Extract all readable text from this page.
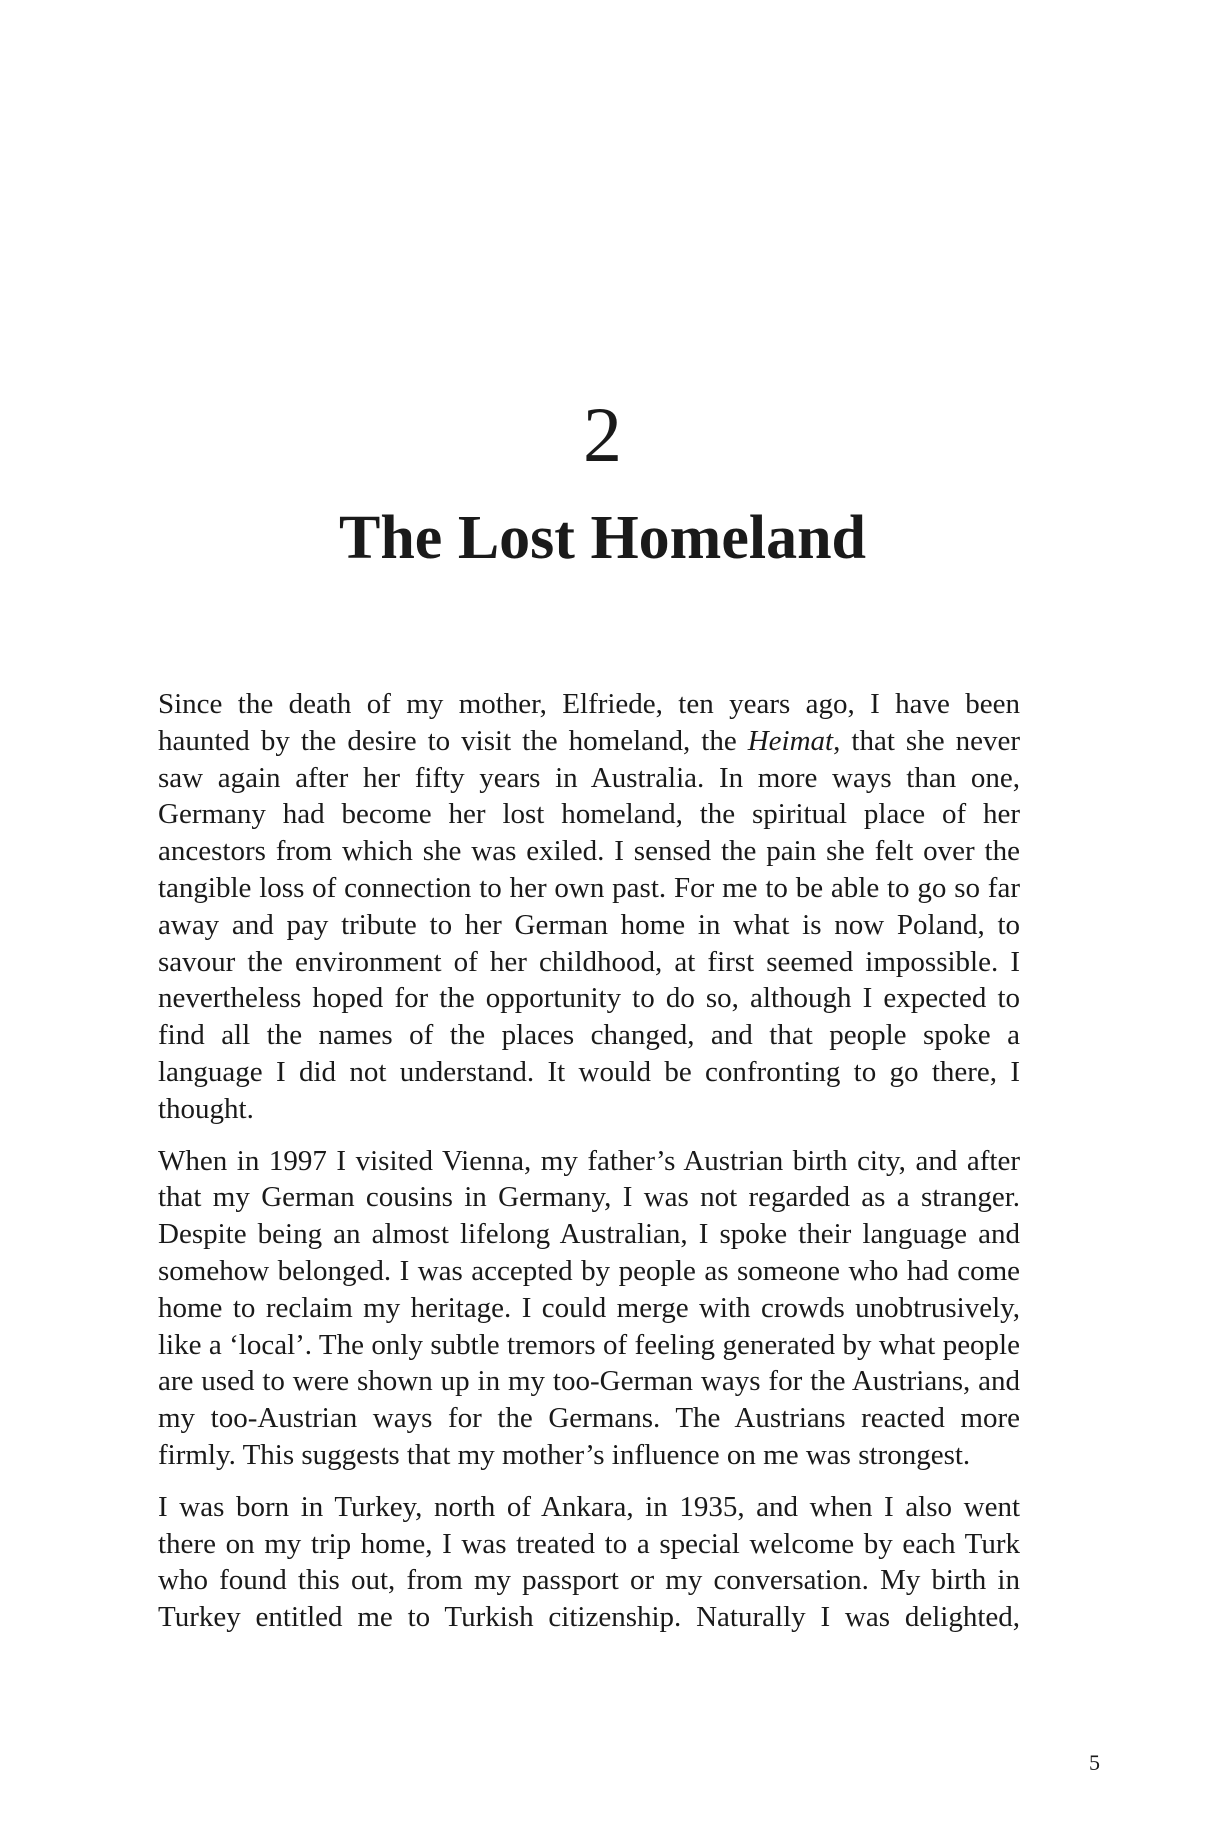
2
The Lost Homeland

Since the death of my mother, Elfriede, ten years ago, I have been haunted by the desire to visit the homeland, the Heimat, that she never saw again after her fifty years in Australia. In more ways than one, Germany had become her lost homeland, the spiritual place of her ancestors from which she was exiled. I sensed the pain she felt over the tangible loss of connection to her own past. For me to be able to go so far away and pay tribute to her German home in what is now Poland, to savour the environment of her childhood, at first seemed impossible. I nevertheless hoped for the opportunity to do so, although I expected to find all the names of the places changed, and that people spoke a language I did not understand. It would be confronting to go there, I thought.

When in 1997 I visited Vienna, my father’s Austrian birth city, and after that my German cousins in Germany, I was not regarded as a stranger. Despite being an almost lifelong Australian, I spoke their language and somehow belonged. I was accepted by people as someone who had come home to reclaim my heritage. I could merge with crowds unobtrusively, like a ‘local’. The only subtle tremors of feeling generated by what people are used to were shown up in my too-German ways for the Austrians, and my too-Austrian ways for the Germans. The Austrians reacted more firmly. This suggests that my mother’s influence on me was strongest.

I was born in Turkey, north of Ankara, in 1935, and when I also went there on my trip home, I was treated to a special welcome by each Turk who found this out, from my passport or my conversation. My birth in Turkey entitled me to Turkish citizenship. Naturally I was delighted,

5
